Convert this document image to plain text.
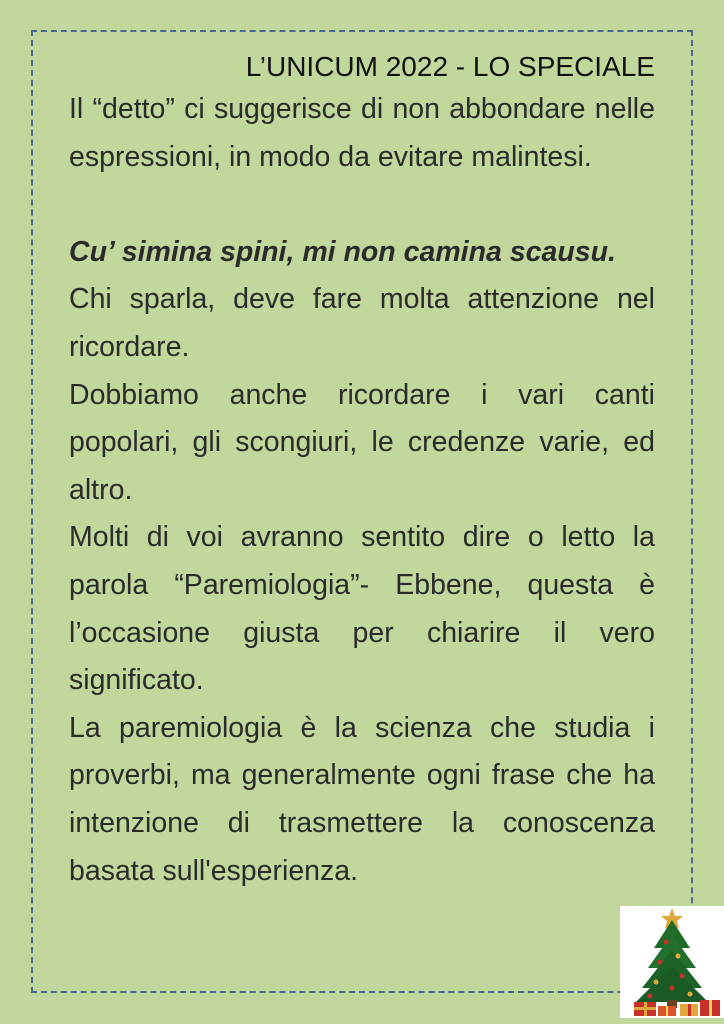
L’UNICUM 2022 - LO SPECIALE

Il “detto” ci suggerisce di non abbondare nelle espressioni, in modo da evitare malintesi.

Cu’ simina spini, mi non camina scausu.

Chi sparla, deve fare molta attenzione nel ricordare.

Dobbiamo anche ricordare i vari canti popolari, gli scongiuri, le credenze varie, ed altro.

Molti di voi avranno sentito dire o letto la parola “Paremiologia”- Ebbene, questa è l’occasione giusta per chiarire il vero significato.

La paremiologia è la scienza che studia i proverbi, ma generalmente ogni frase che ha intenzione di trasmettere la conoscenza basata sull'esperienza.
